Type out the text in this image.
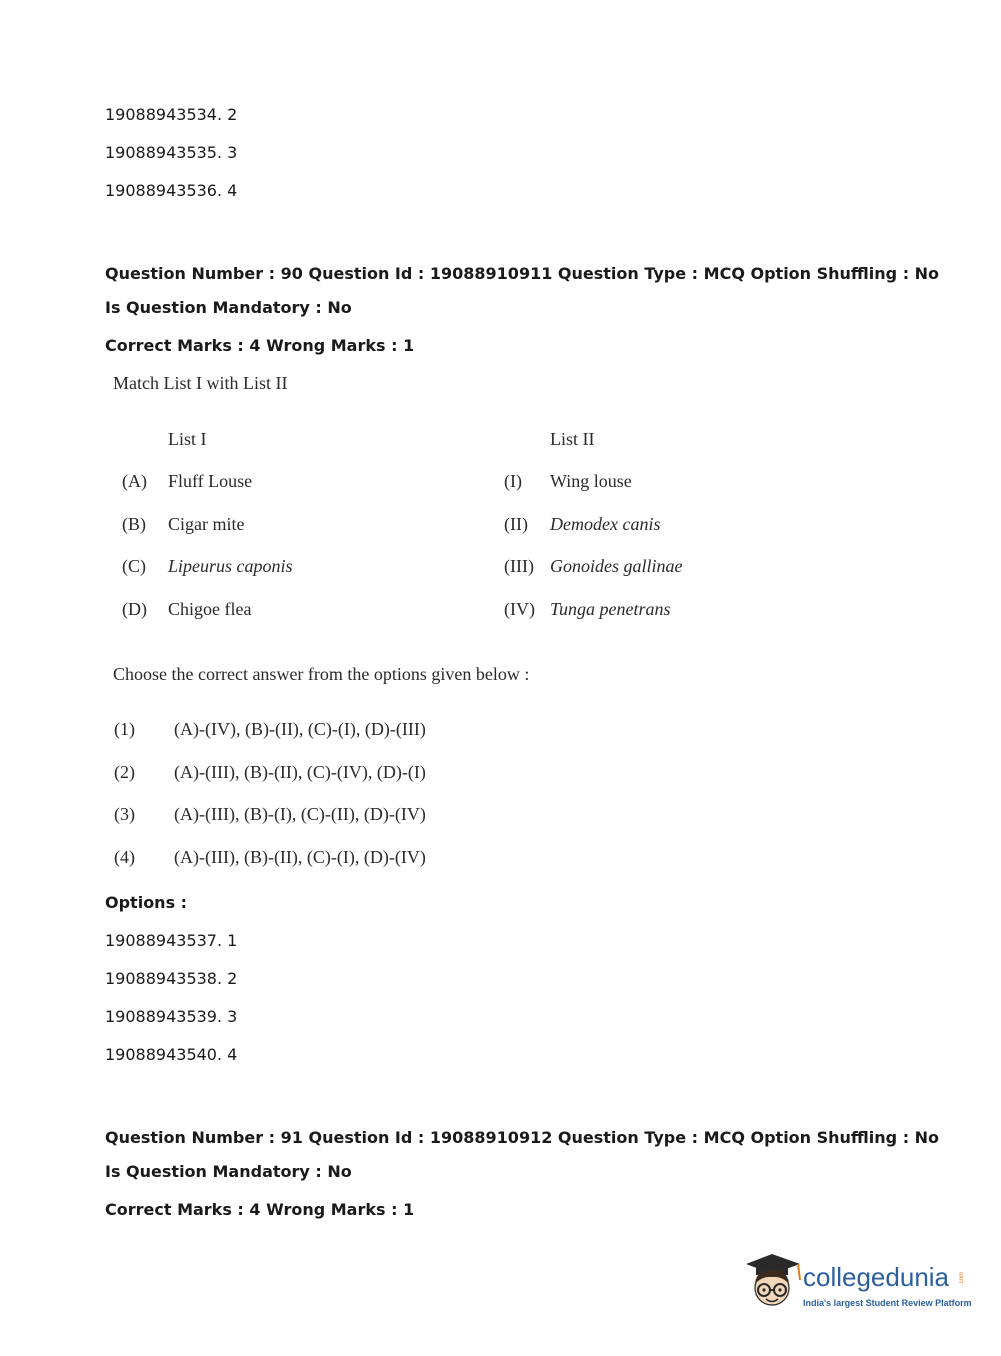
19088943534. 2
19088943535. 3
19088943536. 4
Question Number : 90 Question Id : 19088910911 Question Type : MCQ Option Shuffling : No
Is Question Mandatory : No
Correct Marks : 4 Wrong Marks : 1
Match List I with List II
List I	List II
(A) Fluff Louse	(I) Wing louse
(B) Cigar mite	(II) Demodex canis
(C) Lipeurus caponis	(III) Gonoides gallinae
(D) Chigoe flea	(IV) Tunga penetrans
Choose the correct answer from the options given below :
(1) (A)-(IV), (B)-(II), (C)-(I), (D)-(III)
(2) (A)-(III), (B)-(II), (C)-(IV), (D)-(I)
(3) (A)-(III), (B)-(I), (C)-(II), (D)-(IV)
(4) (A)-(III), (B)-(II), (C)-(I), (D)-(IV)
Options :
19088943537. 1
19088943538. 2
19088943539. 3
19088943540. 4
Question Number : 91 Question Id : 19088910912 Question Type : MCQ Option Shuffling : No
Is Question Mandatory : No
Correct Marks : 4 Wrong Marks : 1
collegedunia .com
India's largest Student Review Platform
